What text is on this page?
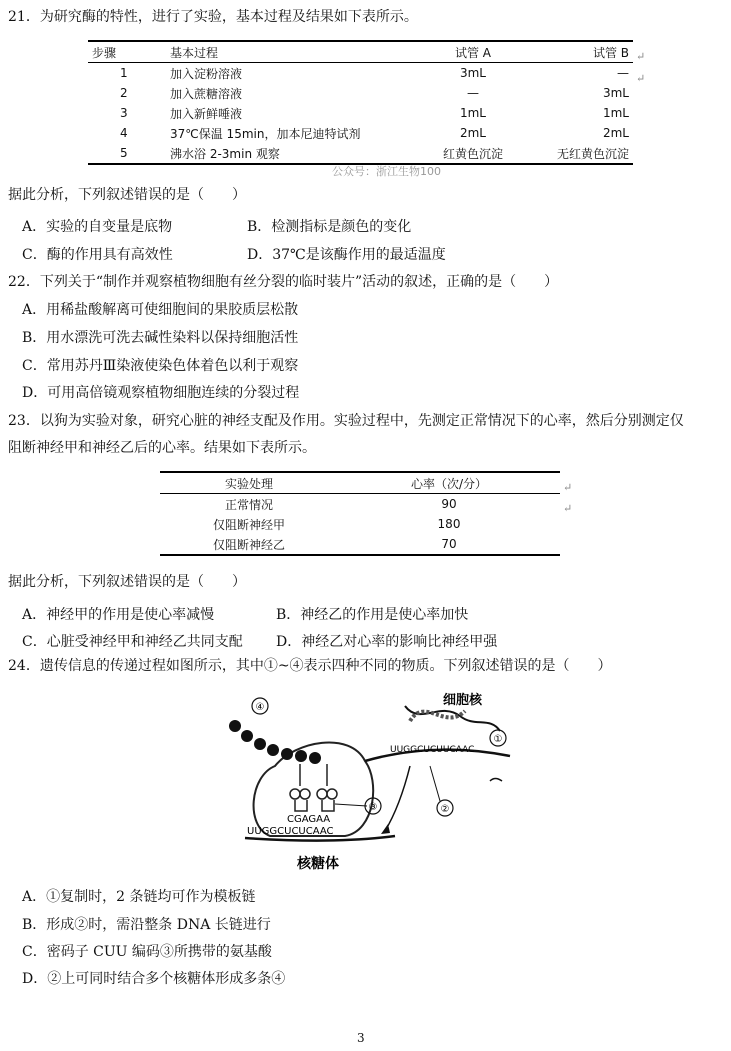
21．为研究酶的特性，进行了实验，基本过程及结果如下表所示。
步骤	基本过程	试管 A	试管 B
1	加入淀粉溶液	3mL	—
2	加入蔗糖溶液	—	3mL
3	加入新鲜唾液	1mL	1mL
4	37℃保温 15min，加本尼迪特试剂	2mL	2mL
5	沸水浴 2-3min 观察	红黄色沉淀	无红黄色沉淀
↵
↵
公众号：浙江生物100
据此分析，下列叙述错误的是（　　）
A．实验的自变量是底物	B．检测指标是颜色的变化
C．酶的作用具有高效性	D．37℃是该酶作用的最适温度
22．下列关于“制作并观察植物细胞有丝分裂的临时装片”活动的叙述，正确的是（　　）
A．用稀盐酸解离可使细胞间的果胶质层松散
B．用水漂洗可洗去碱性染料以保持细胞活性
C．常用苏丹Ⅲ染液使染色体着色以利于观察
D．可用高倍镜观察植物细胞连续的分裂过程
23．以狗为实验对象，研究心脏的神经支配及作用。实验过程中，先测定正常情况下的心率，然后分别测定仅
阻断神经甲和神经乙后的心率。结果如下表所示。
实验处理	心率（次/分）
正常情况	90
仅阻断神经甲	180
仅阻断神经乙	70
↵
↵
据此分析，下列叙述错误的是（　　）
A．神经甲的作用是使心率减慢	B．神经乙的作用是使心率加快
C．心脏受神经甲和神经乙共同支配 D．神经乙对心率的影响比神经甲强
24．遗传信息的传递过程如图所示，其中①~④表示四种不同的物质。下列叙述错误的是（　　）
④
③
CGAGAA
UUGGCUCUCAAC
核糖体
细胞核
①
UUGGCUCUUCAAC
②
A．①复制时，2 条链均可作为模板链
B．形成②时，需沿整条 DNA 长链进行
C．密码子 CUU 编码③所携带的氨基酸
D．②上可同时结合多个核糖体形成多条④
3
